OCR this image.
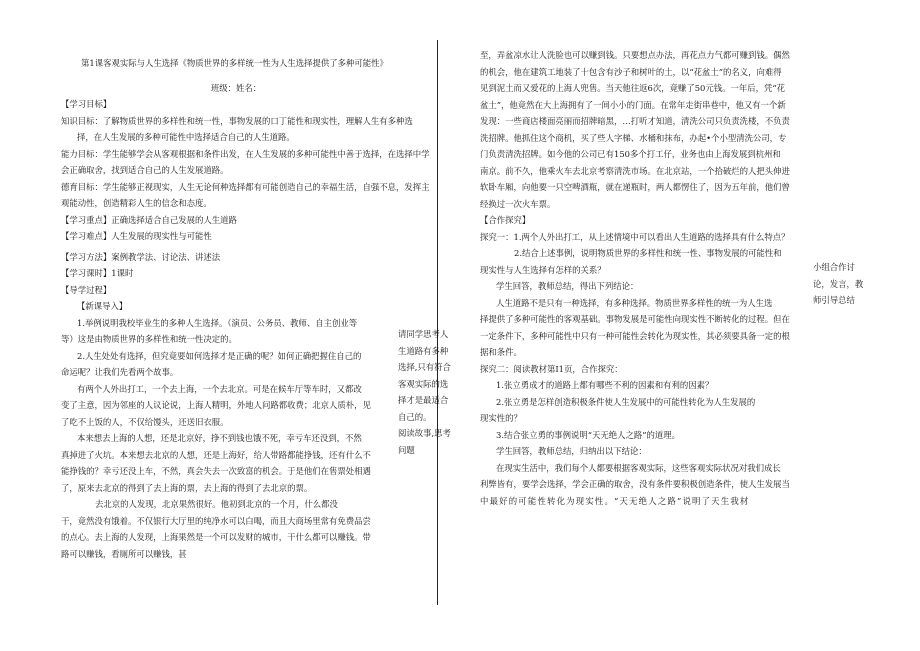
第1课客观实际与人生选择《物质世界的多样统一性为人生选择提供了多种可能性》

班级：姓名：

【学习目标】

知识目标：了解物质世界的多样性和统一性，事物发展的口丁能性和现实性，理解人生有多种选

择，在人生发展的多种可能性中选择适合自己的人生道路。

能力目标：学生能够学会从客观根据和条件出发，在人生发展的多种可能性中善于选择，在选择中学

会正确取舍，找到适合自己的人生发展道路。

德育目标：学生能够正视现实，人生无论何种选择都有可能创造自己的幸福生活，自强不息，发挥主

观能动性，创造精彩人生的信念和态度。

【学习重点】正确选择适合自己发展的人生道路

【学习难点】人生发展的现实性与可能性

【学习方法】案例教学法、讨论法、讲述法

【学习课时】1课时

【导学过程】

【新课导入】

1.举例说明我校毕业生的多种人生选择。（演员、公务员、教师、自主创业等

等）这是由物质世界的多样性和统一性决定的。

2.人生处处有选择，但究竟要如何选择才是正确的呢？如何正确把握住自己的

命运呢？让我们先看两个故事。

有两个人外出打工，一个去上海，一个去北京。可是在候车厅等车时，又都改

变了主意，因为邻座的人议论说，上海人精明，外地人问路都收费；北京人质朴，见

了吃不上饭的人，不仅给馒头，还送旧衣服。

本来想去上海的人想，还是北京好，挣不到钱也饿不死，幸亏车还没到，不然

真掉进了火坑。本来想去北京的人想，还是上海好，给人带路都能挣钱，还有什么不

能挣钱的？幸亏还没上车，不然，真会失去一次致富的机会。于是他们在售票处相遇

了，原来去北京的得到了去上海的票，去上海的得到了去北京的票。

去北京的人发现，北京果然很好。他初到北京的一个月，什么都没

干，竟然没有饿着。不仅银行大厅里的纯净水可以白喝，而且大商场里常有免费品尝

的点心。去上海的人发现，上海果然是一个可以发财的城市，干什么都可以赚钱。带

路可以赚钱，看厕所可以赚钱，甚

请同学思考人

生道路有多种

选择,只有符合

客观实际的选

择才是最适合

自己的。

阅读故事,思考

问题

至，弄盆凉水让人洗脸也可以赚到钱。只要想点办法，再花点力气都可赚到钱。偶然

的机会，他在建筑工地装了十包含有沙子和树叶的土，以“花盆土”的名义，向难得

见到泥土而又爱花的上海人兜售。当天他往返6次，竟赚了50元钱。一年后，凭“花

盆土”，他竟然在大上海拥有了一间小小的门面。在常年走街串巷中，他又有一个新

发现：一些商店楼面亮丽而招牌暗黑，…打听才知道，清洗公司只负责洗楼，不负责

洗招牌。他抓住这个商机，买了些人字梯、水桶和抹布，办起•个小型清洗公司，专

门负责清洗招牌。如今他的公司已有150多个打工仔，业务也由上海发展到杭州和

南京。前不久，他乘火车去北京考察清洗市场。在北京站，一个拾破烂的人把头伸进

软卧车厢，向他要一只空啤酒瓶，就在递瓶时，两人都愣住了，因为五年前，他们曾

经换过一次火车票。

【合作探究】

探究一：1.两个人外出打工，从上述情境中可以看出人生道路的选择具有什么特点？

2.结合上述事例，说明物质世界的多样性和统一性、事物发展的可能性和

现实性与人生选择有怎样的关系？

学生回答，教师总结，得出下列结论：

人生道路不是只有一种选择，有多种选择。物质世界多样性的统一为人生选

择提供了多种可能性的客观基础。事物发展是可能性向现实性不断转化的过程。但在

一定条件下，多种可能性中只有一种可能性会转化为现实性，其必须要具备一定的根

据和条件。

探究二：阅读教材第I1页，合作探究：

1.张立勇成才的道路上都有哪些不利的因素和有利的因素？

2.张立勇是怎样创造积极条件使人生发展中的可能性转化为人生发展的

现实性的？

3.结合张立勇的事例说明“天无绝人之路”的道理。

学生回答，教师总结，归纳出以下结论：

在现实生活中，我们每个人都要根据客观实际，这些客观实际状况对我们成长

利弊皆有，要学会选择，学会正确的取舍，没有条件要积极创造条件，使人生发展当

中最好的可能性转化为现实性。“天无绝人之路”说明了天生我材

小组合作讨

论，发言，教

师引导总结
